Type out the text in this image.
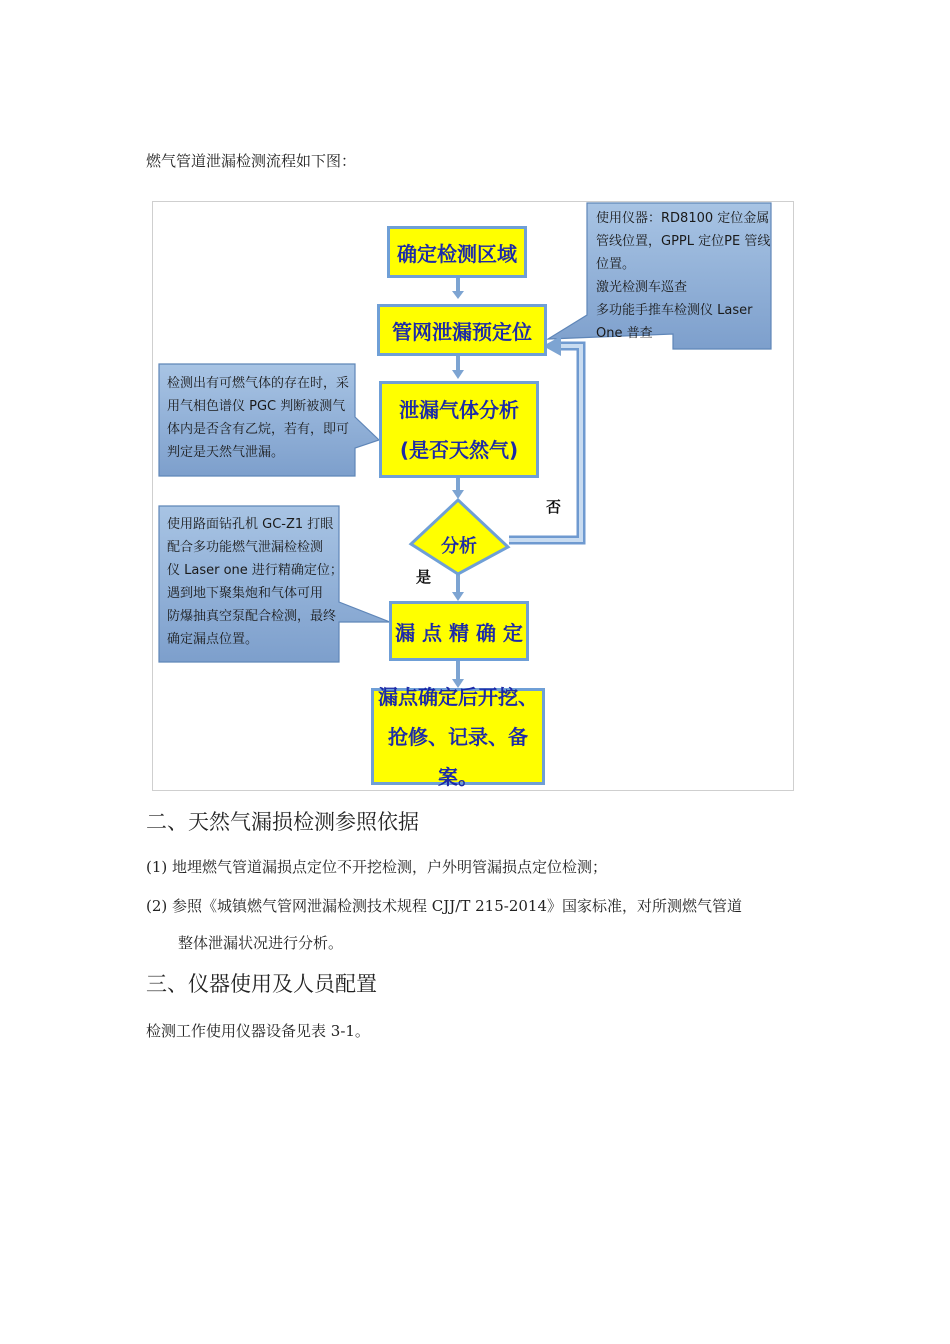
燃气管道泄漏检测流程如下图：
确定检测区域
管网泄漏预定位
泄漏气体分析
(是否天然气)
分析
漏 点 精 确 定
漏点确定后开挖、
抢修、记录、备案。
否
是
使用仪器：RD8100 定位金属
管线位置，GPPL 定位PE 管线
位置。
激光检测车巡查
多功能手推车检测仪 Laser
One 普查
检测出有可燃气体的存在时，采
用气相色谱仪 PGC 判断被测气
体内是否含有乙烷，若有，即可
判定是天然气泄漏。
使用路面钻孔机 GC-Z1 打眼
配合多功能燃气泄漏检检测
仪 Laser one 进行精确定位；
遇到地下聚集炮和气体可用
防爆抽真空泵配合检测，最终
确定漏点位置。
二、天然气漏损检测参照依据
(1) 地埋燃气管道漏损点定位不开挖检测，户外明管漏损点定位检测；
(2) 参照《城镇燃气管网泄漏检测技术规程 CJJ/T 215-2014》国家标准，对所测燃气管道
整体泄漏状况进行分析。
三、仪器使用及人员配置
检测工作使用仪器设备见表 3-1。
